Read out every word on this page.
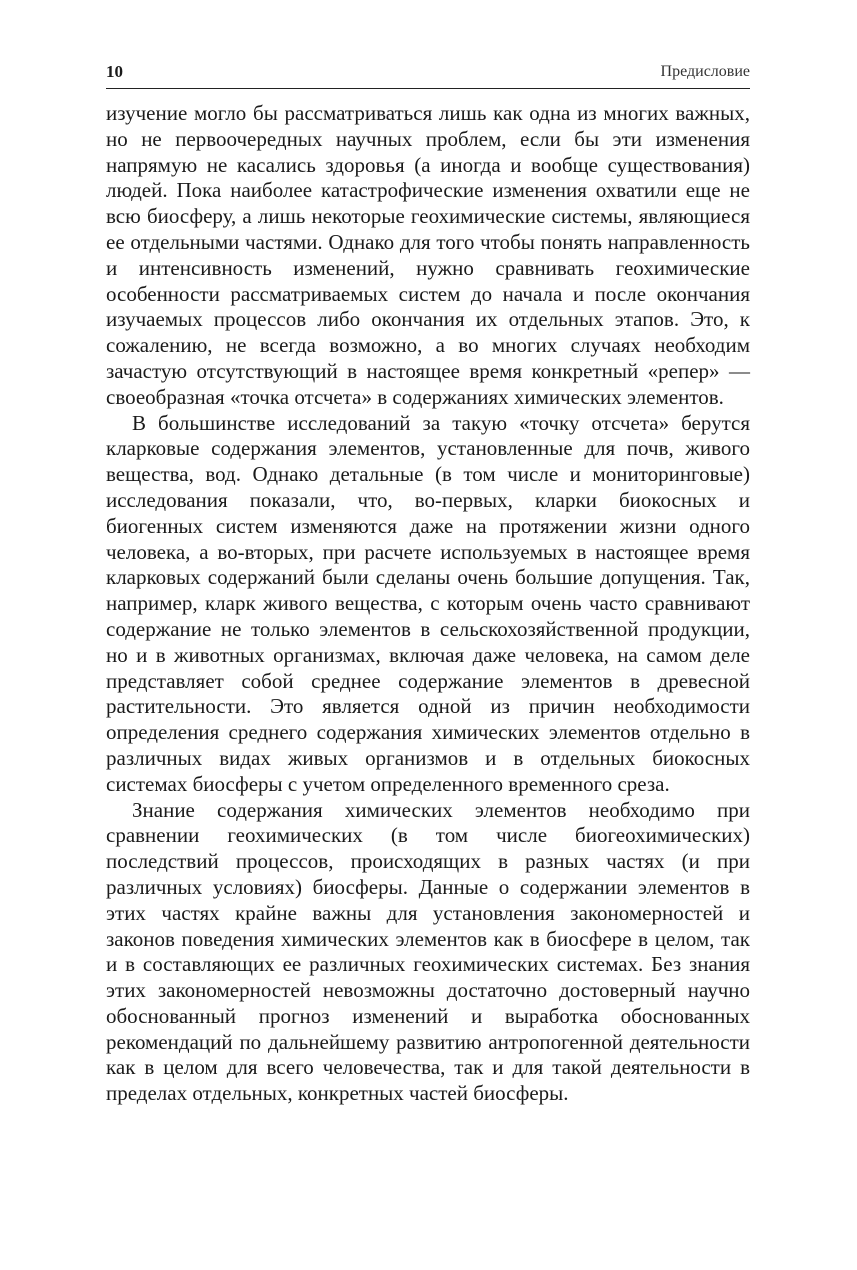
10	Предисловие

изучение могло бы рассматриваться лишь как одна из многих важных, но не первоочередных научных проблем, если бы эти изменения напрямую не касались здоровья (а иногда и вообще существования) людей. Пока наиболее катастрофические изменения охватили еще не всю биосферу, а лишь некоторые геохимические системы, являющиеся ее отдельными частями. Однако для того чтобы понять направленность и интенсивность изменений, нужно сравнивать геохимические особенности рассматриваемых систем до начала и после окончания изучаемых процессов либо окончания их отдельных этапов. Это, к сожалению, не всегда возможно, а во многих случаях необходим зачастую отсутствующий в настоящее время конкретный «репер» — своеобразная «точка отсчета» в содержаниях химических элементов.

В большинстве исследований за такую «точку отсчета» берутся кларковые содержания элементов, установленные для почв, живого вещества, вод. Однако детальные (в том числе и мониторинговые) исследования показали, что, во-первых, кларки биокосных и биогенных систем изменяются даже на протяжении жизни одного человека, а во-вторых, при расчете используемых в настоящее время кларковых содержаний были сделаны очень большие допущения. Так, например, кларк живого вещества, с которым очень часто сравнивают содержание не только элементов в сельскохозяйственной продукции, но и в животных организмах, включая даже человека, на самом деле представляет собой среднее содержание элементов в древесной растительности. Это является одной из причин необходимости определения среднего содержания химических элементов отдельно в различных видах живых организмов и в отдельных биокосных системах биосферы с учетом определенного временного среза.

Знание содержания химических элементов необходимо при сравнении геохимических (в том числе биогеохимических) последствий процессов, происходящих в разных частях (и при различных условиях) биосферы. Данные о содержании элементов в этих частях крайне важны для установления закономерностей и законов поведения химических элементов как в биосфере в целом, так и в составляющих ее различных геохимических системах. Без знания этих закономерностей невозможны достаточно достоверный научно обоснованный прогноз изменений и выработка обоснованных рекомендаций по дальнейшему развитию антропогенной деятельности как в целом для всего человечества, так и для такой деятельности в пределах отдельных, конкретных частей биосферы.
